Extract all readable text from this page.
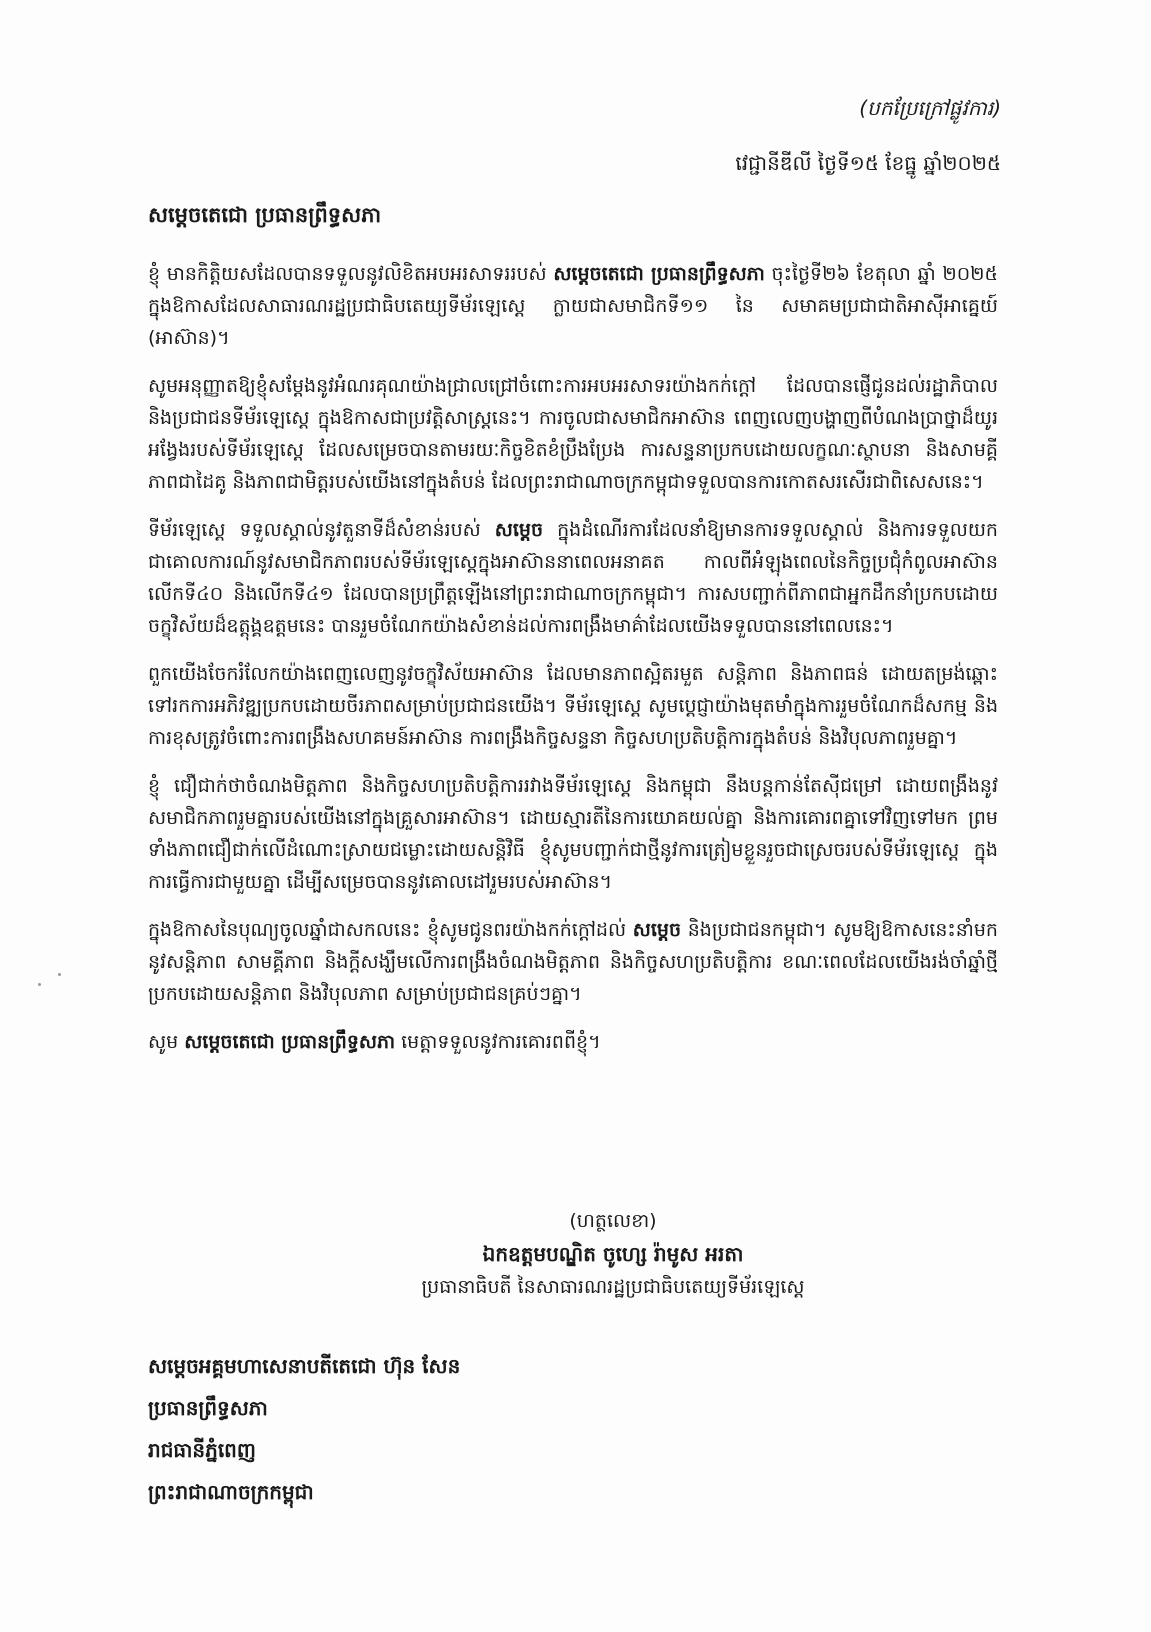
(បកប្រែក្រៅផ្លូវការ)
វេជ្ជានីឌីលី ថ្ងៃទី១៥ ខែធ្នូ ឆ្នាំ២០២៥
សម្តេចតេជោ ប្រធានព្រឹទ្ធសភា

ខ្ញុំ មានកិត្តិយសដែលបានទទួលនូវលិខិតអបអរសាទររបស់ សម្តេចតេជោ ប្រធានព្រឹទ្ធសភា ចុះថ្ងៃទី២៦ ខែតុលា ឆ្នាំ ២០២៥ ក្នុងឱកាសដែលសាធារណរដ្ឋប្រជាធិបតេយ្យទីម័រឡេស្តេ ក្លាយជាសមាជិកទី១១ នៃ សមាគមប្រជាជាតិអាស៊ីអាគ្នេយ៍ (អាស៊ាន)។

សូមអនុញ្ញាតឱ្យខ្ញុំសម្តែងនូវអំណរគុណយ៉ាងជ្រាលជ្រៅចំពោះការអបអរសាទរយ៉ាងកក់ក្តៅ ដែលបានផ្ញើជូនដល់រដ្ឋាភិបាល និងប្រជាជនទីម័រឡេស្តេ ក្នុងឱកាសជាប្រវត្តិសាស្ត្រនេះ។ ការចូលជាសមាជិកអាស៊ាន ពេញលេញបង្ហាញពីបំណងប្រាថ្នាដ៏យូរអង្វែងរបស់ទីម័រឡេស្តេ ដែលសម្រេចបានតាមរយៈកិច្ចខិតខំប្រឹងប្រែង ការសន្ទនាប្រកបដោយលក្ខណៈស្ថាបនា និងសាមគ្គីភាពជាដៃគូ និងភាពជាមិត្តរបស់យើងនៅក្នុងតំបន់ ដែលព្រះរាជាណាចក្រកម្ពុជាទទួលបានការកោតសរសើរជាពិសេសនេះ។

ទីម័រឡេស្តេ ទទួលស្គាល់នូវតួនាទីដ៏សំខាន់របស់ សម្តេច ក្នុងដំណើរការដែលនាំឱ្យមានការទទួលស្គាល់ និងការទទួលយកជាគោលការណ៍នូវសមាជិកភាពរបស់ទីម័រឡេស្តេក្នុងអាស៊ាននាពេលអនាគត កាលពីអំឡុងពេលនៃកិច្ចប្រជុំកំពូលអាស៊ានលើកទី៤០ និងលើកទី៤១ ដែលបានប្រព្រឹត្តឡើងនៅព្រះរាជាណាចក្រកម្ពុជា។ ការសបញ្ជាក់ពីភាពជាអ្នកដឹកនាំប្រកបដោយចក្ខុវិស័យដ៏ឧត្តុង្គឧត្តមនេះ បានរួមចំណែកយ៉ាងសំខាន់ដល់ការពង្រឹងមាគ៌ាដែលយើងទទួលបាននៅពេលនេះ។

ពួកយើងចែករំលែកយ៉ាងពេញលេញនូវចក្ខុវិស័យអាស៊ាន ដែលមានភាពស្អិតរមួត សន្តិភាព និងភាពធន់ ដោយតម្រង់ឆ្ពោះទៅរកការអភិវឌ្ឍប្រកបដោយចីរភាពសម្រាប់ប្រជាជនយើង។ ទីម័រឡេស្តេ សូមប្តេជ្ញាយ៉ាងមុតមាំក្នុងការរួមចំណែកដ៏សកម្ម និងការខុសត្រូវចំពោះការពង្រឹងសហគមន៍អាស៊ាន ការពង្រឹងកិច្ចសន្ទនា កិច្ចសហប្រតិបត្តិការក្នុងតំបន់ និងវិបុលភាពរួមគ្នា។

ខ្ញុំ ជឿជាក់ថាចំណងមិត្តភាព និងកិច្ចសហប្រតិបត្តិការរវាងទីម័រឡេស្តេ និងកម្ពុជា នឹងបន្តកាន់តែស៊ីជម្រៅ ដោយពង្រឹងនូវសមាជិកភាពរួមគ្នារបស់យើងនៅក្នុងគ្រួសារអាស៊ាន។ ដោយស្មារតីនៃការយោគយល់គ្នា និងការគោរពគ្នាទៅវិញទៅមក ព្រមទាំងភាពជឿជាក់លើដំណោះស្រាយជម្លោះដោយសន្តិវិធី ខ្ញុំសូមបញ្ជាក់ជាថ្មីនូវការត្រៀមខ្លួនរួចជាស្រេចរបស់ទីម័រឡេស្តេ ក្នុងការធ្វើការជាមួយគ្នា ដើម្បីសម្រេចបាននូវគោលដៅរួមរបស់អាស៊ាន។

ក្នុងឱកាសនៃបុណ្យចូលឆ្នាំជាសកលនេះ ខ្ញុំសូមជូនពរយ៉ាងកក់ក្តៅដល់ សម្តេច និងប្រជាជនកម្ពុជា។ សូមឱ្យឱកាសនេះនាំមកនូវសន្តិភាព សាមគ្គីភាព និងក្តីសង្ឃឹមលើការពង្រឹងចំណងមិត្តភាព និងកិច្ចសហប្រតិបត្តិការ ខណៈពេលដែលយើងរង់ចាំឆ្នាំថ្មីប្រកបដោយសន្តិភាព និងវិបុលភាព សម្រាប់ប្រជាជនគ្រប់ៗគ្នា។

សូម សម្តេចតេជោ ប្រធានព្រឹទ្ធសភា មេត្តាទទួលនូវការគោរពពីខ្ញុំ។

(ហត្ថលេខា)
ឯកឧត្តមបណ្ឌិត ចូហ្សេ រ៉ាមូស អរតា
ប្រធានាធិបតី នៃសាធារណរដ្ឋប្រជាធិបតេយ្យទីម័រឡេស្តេ
សម្តេចអគ្គមហាសេនាបតីតេជោ ហ៊ុន សែន
ប្រធានព្រឹទ្ធសភា
រាជធានីភ្នំពេញ
ព្រះរាជាណាចក្រកម្ពុជា
